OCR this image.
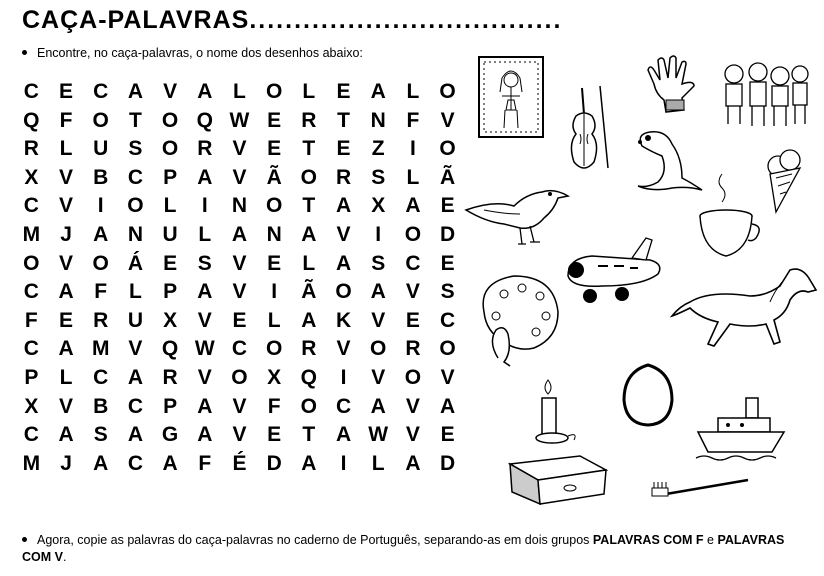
CAÇA-PALAVRAS...................................
Encontre, no caça-palavras, o nome dos desenhos abaixo:
C E C A V A L O L	E A L O
Q F O T O Q W E R T N F	V
R L U S O R V E	T	E	Z	I	O
X V B C P A V Ã O R S	L Ã
C V	I	O L	I	N O T A X A E
M J	A N U L A N A V	I	O D
O V O Á E S V E	L A S C E
C A F	L	P A V	I	Ã O A V S
F	E R U X V E	L A K V E C
C A M V Q W C O R V O R O
P	L C A R V O X Q	I	V O V
X V B C P A V	F O C A V A
C A S A G A V E	T A W V E
M J	A C A F	É D A	I	L A D
Agora, copie as palavras do caça-palavras no caderno de Português, separando-as em dois grupos PALAVRAS COM F e PALAVRAS COM V.
